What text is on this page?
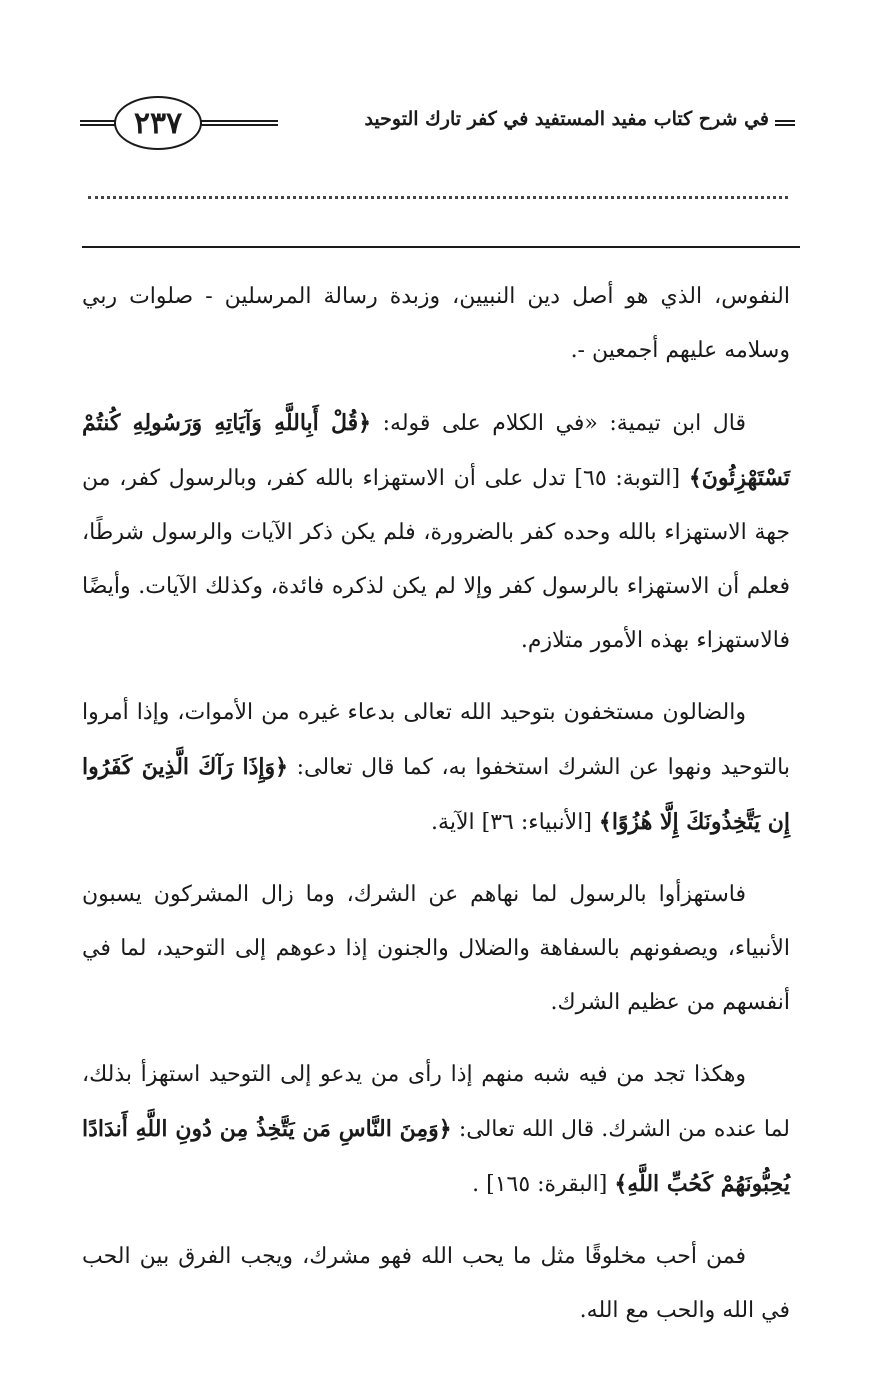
٢٣٧	في شرح كتاب مفيد المستفيد في كفر تارك التوحيد

النفوس، الذي هو أصل دين النبيين، وزبدة رسالة المرسلين - صلوات ربي وسلامه عليهم أجمعين -.

قال ابن تيمية: «في الكلام على قوله: ﴿قُلْ أَبِاللَّهِ وَآيَاتِهِ وَرَسُولِهِ كُنتُمْ تَسْتَهْزِئُونَ﴾ [التوبة: ٦٥] تدل على أن الاستهزاء بالله كفر، وبالرسول كفر، من جهة الاستهزاء بالله وحده كفر بالضرورة، فلم يكن ذكر الآيات والرسول شرطًا، فعلم أن الاستهزاء بالرسول كفر وإلا لم يكن لذكره فائدة، وكذلك الآيات. وأيضًا فالاستهزاء بهذه الأمور متلازم.

والضالون مستخفون بتوحيد الله تعالى بدعاء غيره من الأموات، وإذا أمروا بالتوحيد ونهوا عن الشرك استخفوا به، كما قال تعالى: ﴿وَإِذَا رَآكَ الَّذِينَ كَفَرُوا إِن يَتَّخِذُونَكَ إِلَّا هُزُوًا﴾ [الأنبياء: ٣٦] الآية.

فاستهزأوا بالرسول لما نهاهم عن الشرك، وما زال المشركون يسبون الأنبياء، ويصفونهم بالسفاهة والضلال والجنون إذا دعوهم إلى التوحيد، لما في أنفسهم من عظيم الشرك.

وهكذا تجد من فيه شبه منهم إذا رأى من يدعو إلى التوحيد استهزأ بذلك، لما عنده من الشرك. قال الله تعالى: ﴿وَمِنَ النَّاسِ مَن يَتَّخِذُ مِن دُونِ اللَّهِ أَندَادًا يُحِبُّونَهُمْ كَحُبِّ اللَّهِ﴾ [البقرة: ١٦٥] .

فمن أحب مخلوقًا مثل ما يحب الله فهو مشرك، ويجب الفرق بين الحب في الله والحب مع الله.
